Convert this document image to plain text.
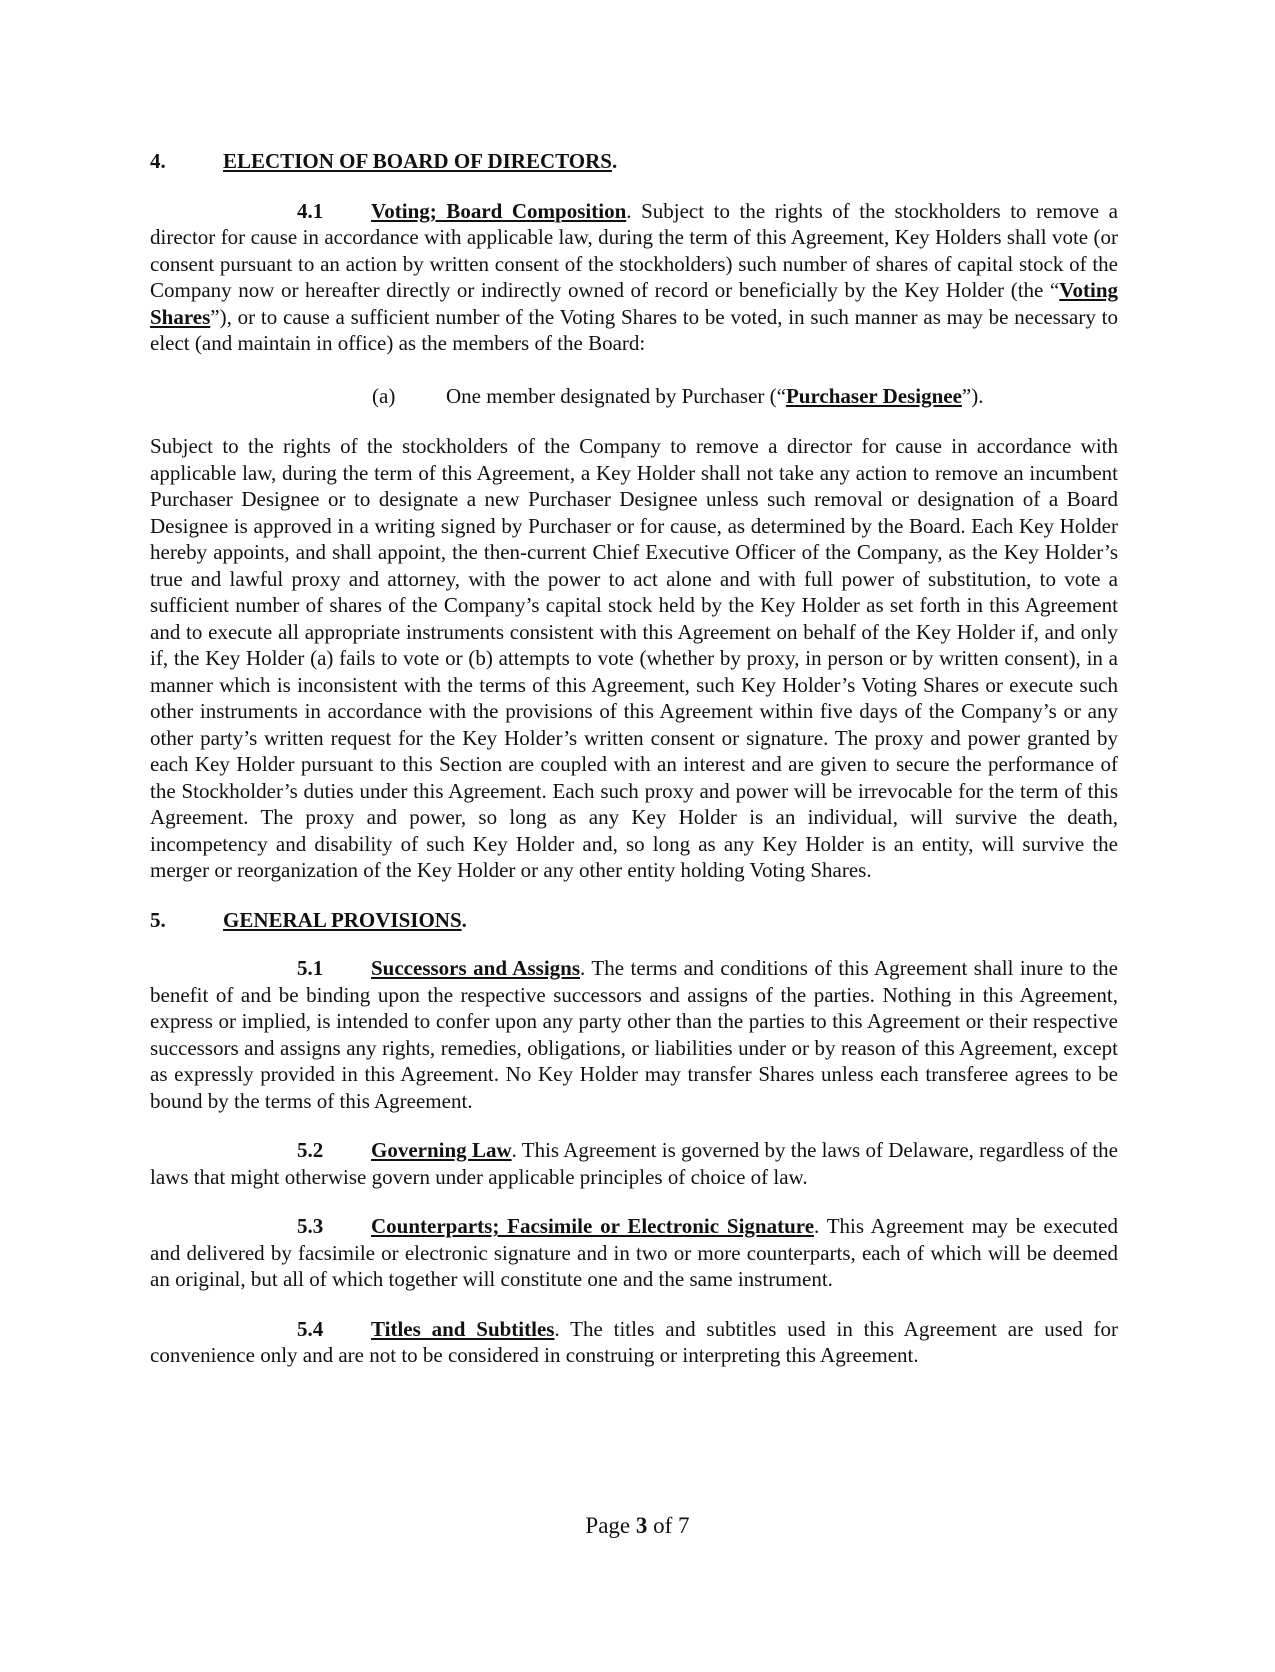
4.	ELECTION OF BOARD OF DIRECTORS.

4.1 Voting; Board Composition. Subject to the rights of the stockholders to remove a director for cause in accordance with applicable law, during the term of this Agreement, Key Holders shall vote (or consent pursuant to an action by written consent of the stockholders) such number of shares of capital stock of the Company now or hereafter directly or indirectly owned of record or beneficially by the Key Holder (the “Voting Shares”), or to cause a sufficient number of the Voting Shares to be voted, in such manner as may be necessary to elect (and maintain in office) as the members of the Board:

(a) One member designated by Purchaser (“Purchaser Designee”).

Subject to the rights of the stockholders of the Company to remove a director for cause in accordance with applicable law, during the term of this Agreement, a Key Holder shall not take any action to remove an incumbent Purchaser Designee or to designate a new Purchaser Designee unless such removal or designation of a Board Designee is approved in a writing signed by Purchaser or for cause, as determined by the Board. Each Key Holder hereby appoints, and shall appoint, the then-current Chief Executive Officer of the Company, as the Key Holder’s true and lawful proxy and attorney, with the power to act alone and with full power of substitution, to vote a sufficient number of shares of the Company’s capital stock held by the Key Holder as set forth in this Agreement and to execute all appropriate instruments consistent with this Agreement on behalf of the Key Holder if, and only if, the Key Holder (a) fails to vote or (b) attempts to vote (whether by proxy, in person or by written consent), in a manner which is inconsistent with the terms of this Agreement, such Key Holder’s Voting Shares or execute such other instruments in accordance with the provisions of this Agreement within five days of the Company’s or any other party’s written request for the Key Holder’s written consent or signature. The proxy and power granted by each Key Holder pursuant to this Section are coupled with an interest and are given to secure the performance of the Stockholder’s duties under this Agreement. Each such proxy and power will be irrevocable for the term of this Agreement. The proxy and power, so long as any Key Holder is an individual, will survive the death, incompetency and disability of such Key Holder and, so long as any Key Holder is an entity, will survive the merger or reorganization of the Key Holder or any other entity holding Voting Shares.

5.	GENERAL PROVISIONS.

5.1 Successors and Assigns. The terms and conditions of this Agreement shall inure to the benefit of and be binding upon the respective successors and assigns of the parties. Nothing in this Agreement, express or implied, is intended to confer upon any party other than the parties to this Agreement or their respective successors and assigns any rights, remedies, obligations, or liabilities under or by reason of this Agreement, except as expressly provided in this Agreement. No Key Holder may transfer Shares unless each transferee agrees to be bound by the terms of this Agreement.

5.2 Governing Law. This Agreement is governed by the laws of Delaware, regardless of the laws that might otherwise govern under applicable principles of choice of law.

5.3 Counterparts; Facsimile or Electronic Signature. This Agreement may be executed and delivered by facsimile or electronic signature and in two or more counterparts, each of which will be deemed an original, but all of which together will constitute one and the same instrument.

5.4 Titles and Subtitles. The titles and subtitles used in this Agreement are used for convenience only and are not to be considered in construing or interpreting this Agreement.

Page 3 of 7
